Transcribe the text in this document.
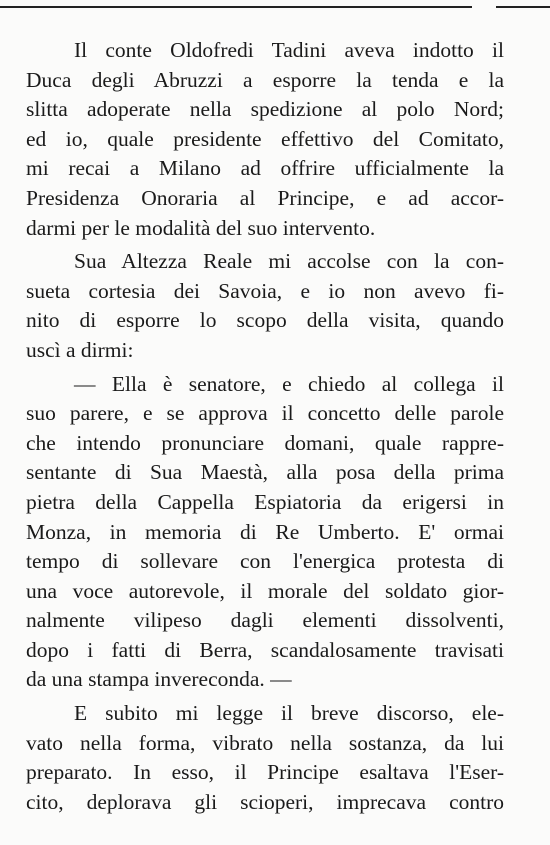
Il conte Oldofredi Tadini aveva indotto il
Duca degli Abruzzi a esporre la tenda e la
slitta adoperate nella spedizione al polo Nord;
ed io, quale presidente effettivo del Comitato,
mi recai a Milano ad offrire ufficialmente la
Presidenza Onoraria al Principe, e ad accor-
darmi per le modalità del suo intervento.
Sua Altezza Reale mi accolse con la con-
sueta cortesia dei Savoia, e io non avevo fi-
nito di esporre lo scopo della visita, quando
uscì a dirmi:
— Ella è senatore, e chiedo al collega il
suo parere, e se approva il concetto delle parole
che intendo pronunciare domani, quale rappre-
sentante di Sua Maestà, alla posa della prima
pietra della Cappella Espiatoria da erigersi in
Monza, in memoria di Re Umberto. E' ormai
tempo di sollevare con l'energica protesta di
una voce autorevole, il morale del soldato gior-
nalmente vilipeso dagli elementi dissolventi,
dopo i fatti di Berra, scandalosamente travisati
da una stampa invereconda. —
E subito mi legge il breve discorso, ele-
vato nella forma, vibrato nella sostanza, da lui
preparato. In esso, il Principe esaltava l'Eser-
cito, deplorava gli scioperi, imprecava contro
